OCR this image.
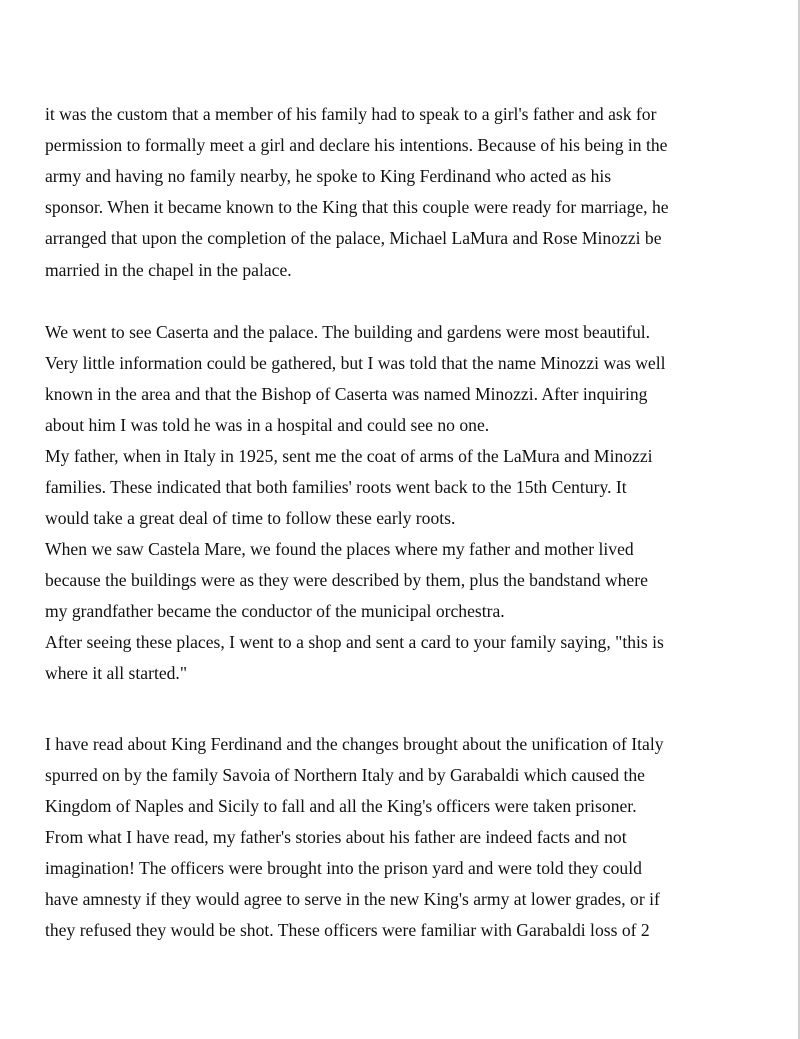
it was the custom that a member of his family had to speak to a girl's father and ask for

permission to formally meet a girl and declare his intentions. Because of his being in the

army and having no family nearby, he spoke to King Ferdinand who acted as his

sponsor. When it became known to the King that this couple were ready for marriage, he

arranged that upon the completion of the palace, Michael LaMura and Rose Minozzi be

married in the chapel in the palace.

We went to see Caserta and the palace. The building and gardens were most beautiful.

Very little information could be gathered, but I was told that the name Minozzi was well

known in the area and that the Bishop of Caserta was named Minozzi. After inquiring

about him I was told he was in a hospital and could see no one.

My father, when in Italy in 1925, sent me the coat of arms of the LaMura and Minozzi

families. These indicated that both families' roots went back to the 15th Century. It

would take a great deal of time to follow these early roots.

When we saw Castela Mare, we found the places where my father and mother lived

because the buildings were as they were described by them, plus the bandstand where

my grandfather became the conductor of the municipal orchestra.

After seeing these places, I went to a shop and sent a card to your family saying, "this is

where it all started."

I have read about King Ferdinand and the changes brought about the unification of Italy

spurred on by the family Savoia of Northern Italy and by Garabaldi which caused the

Kingdom of Naples and Sicily to fall and all the King's officers were taken prisoner.

From what I have read, my father's stories about his father are indeed facts and not

imagination! The officers were brought into the prison yard and were told they could

have amnesty if they would agree to serve in the new King's army at lower grades, or if

they refused they would be shot. These officers were familiar with Garabaldi loss of 2
